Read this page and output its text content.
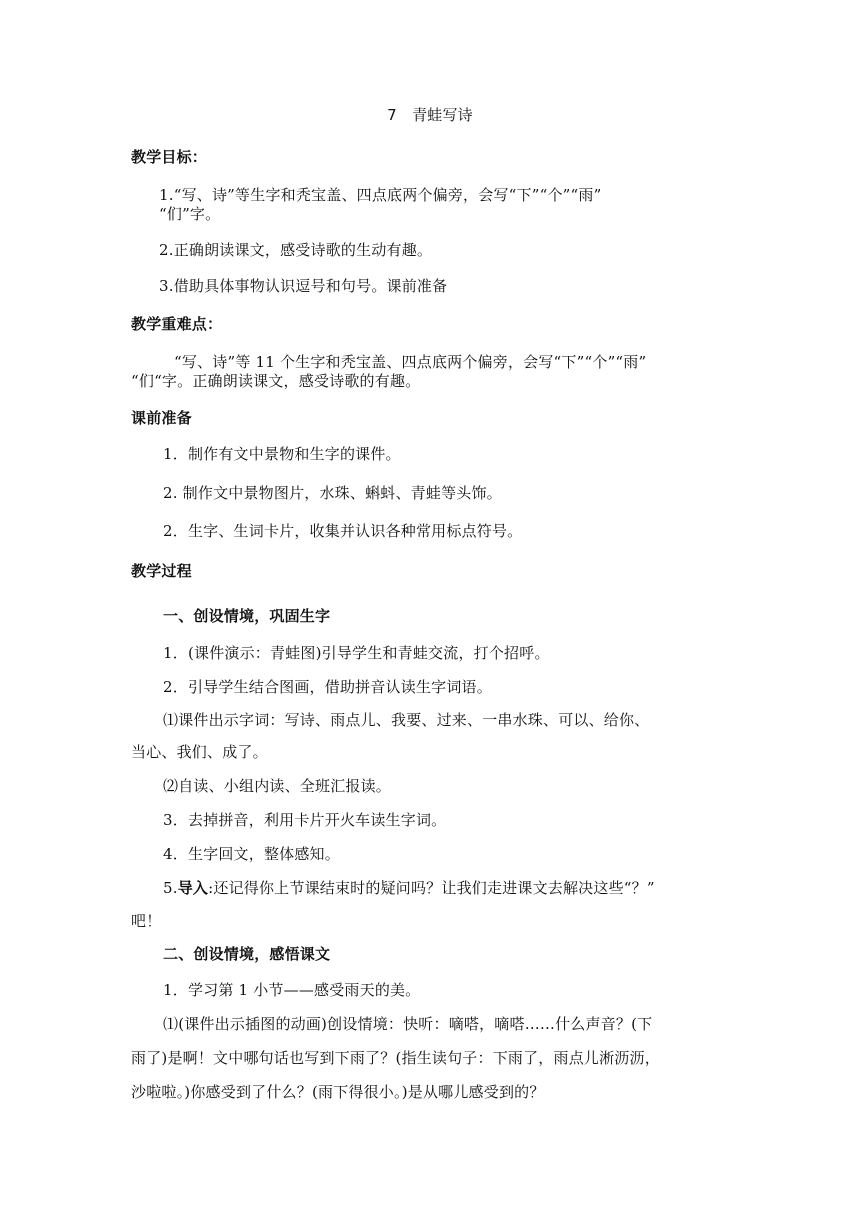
7　青蛙写诗
教学目标：
1.“写、诗”等生字和秃宝盖、四点底两个偏旁，会写“下”“个”“雨”
“们”字。
2.正确朗读课文，感受诗歌的生动有趣。
3.借助具体事物认识逗号和句号。课前准备
教学重难点：
“写、诗”等 11 个生字和秃宝盖、四点底两个偏旁，会写“下”“个”“雨”
“们“字。正确朗读课文，感受诗歌的有趣。
课前准备
1．制作有文中景物和生字的课件。
2. 制作文中景物图片，水珠、蝌蚪、青蛙等头饰。
2．生字、生词卡片，收集并认识各种常用标点符号。
教学过程
一、创设情境，巩固生字
1．(课件演示：青蛙图)引导学生和青蛙交流，打个招呼。
2．引导学生结合图画，借助拼音认读生字词语。
⑴课件出示字词：写诗、雨点儿、我要、过来、一串水珠、可以、给你、
当心、我们、成了。
⑵自读、小组内读、全班汇报读。
3．去掉拼音，利用卡片开火车读生字词。
4．生字回文，整体感知。
5.导入:还记得你上节课结束时的疑问吗？让我们走进课文去解决这些“？”
吧！
二、创设情境，感悟课文
1．学习第 1 小节——感受雨天的美。
⑴(课件出示插图的动画)创设情境：快听：嘀嗒，嘀嗒……什么声音？(下
雨了)是啊！文中哪句话也写到下雨了？(指生读句子：下雨了，雨点儿淅沥沥，
沙啦啦。)你感受到了什么？(雨下得很小。)是从哪儿感受到的？
